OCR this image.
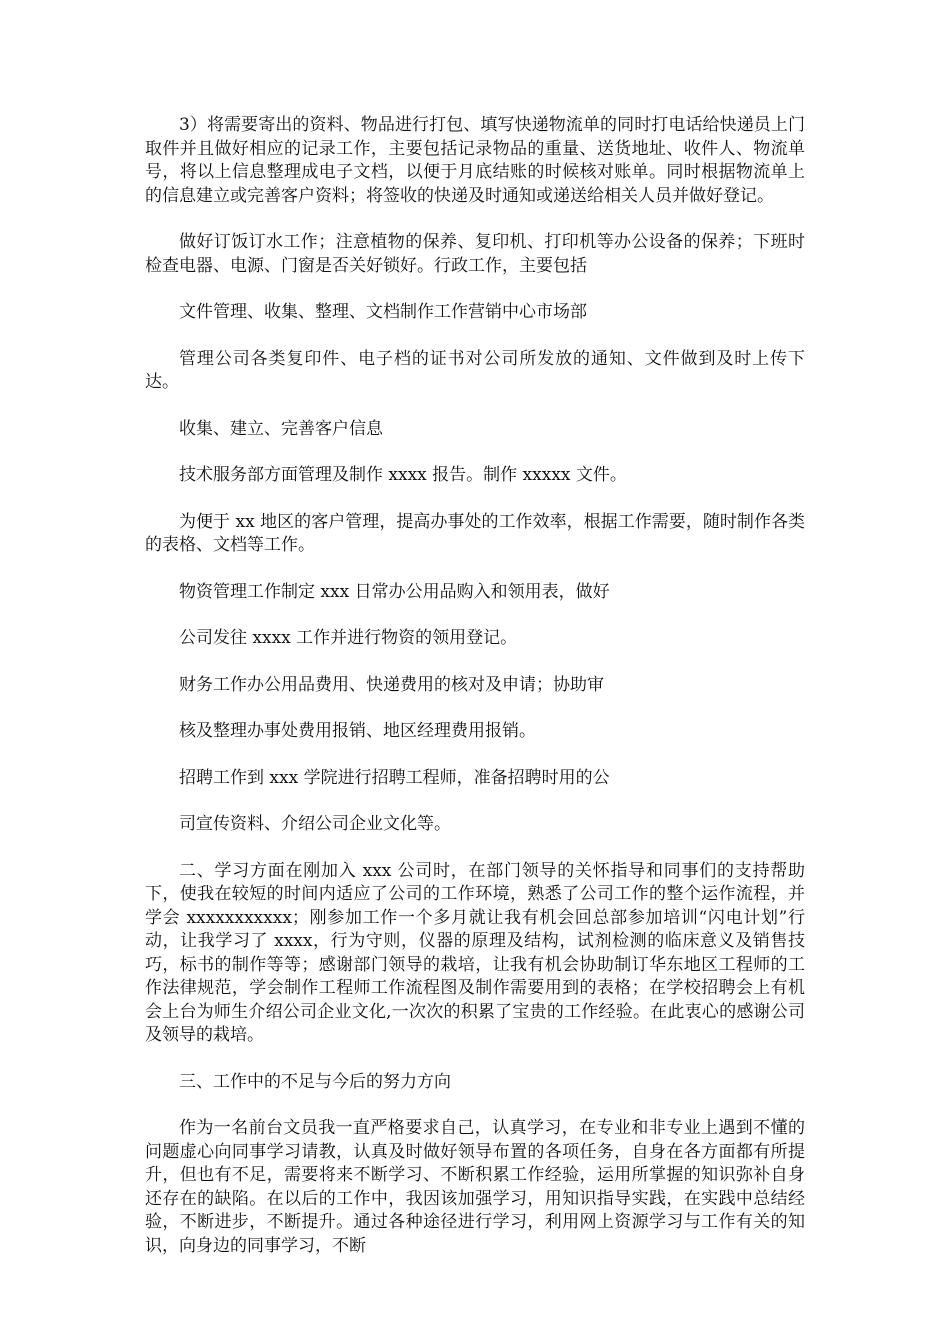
3）将需要寄出的资料、物品进行打包、填写快递物流单的同时打电话给快递员上门取件并且做好相应的记录工作，主要包括记录物品的重量、送货地址、收件人、物流单号，将以上信息整理成电子文档，以便于月底结账的时候核对账单。同时根据物流单上的信息建立或完善客户资料；将签收的快递及时通知或递送给相关人员并做好登记。

做好订饭订水工作；注意植物的保养、复印机、打印机等办公设备的保养；下班时检查电器、电源、门窗是否关好锁好。行政工作，主要包括

文件管理、收集、整理、文档制作工作营销中心市场部

管理公司各类复印件、电子档的证书对公司所发放的通知、文件做到及时上传下达。

收集、建立、完善客户信息

技术服务部方面管理及制作 xxxx 报告。制作 xxxxx 文件。

为便于 xx 地区的客户管理，提高办事处的工作效率，根据工作需要，随时制作各类的表格、文档等工作。

物资管理工作制定 xxx 日常办公用品购入和领用表，做好

公司发往 xxxx 工作并进行物资的领用登记。

财务工作办公用品费用、快递费用的核对及申请；协助审

核及整理办事处费用报销、地区经理费用报销。

招聘工作到 xxx 学院进行招聘工程师，准备招聘时用的公

司宣传资料、介绍公司企业文化等。

二、学习方面在刚加入 xxx 公司时，在部门领导的关怀指导和同事们的支持帮助下，使我在较短的时间内适应了公司的工作环境，熟悉了公司工作的整个运作流程，并学会 xxxxxxxxxxx；刚参加工作一个多月就让我有机会回总部参加培训“闪电计划”行动，让我学习了 xxxx，行为守则，仪器的原理及结构，试剂检测的临床意义及销售技巧，标书的制作等等；感谢部门领导的栽培，让我有机会协助制订华东地区工程师的工作法律规范，学会制作工程师工作流程图及制作需要用到的表格；在学校招聘会上有机会上台为师生介绍公司企业文化,一次次的积累了宝贵的工作经验。在此衷心的感谢公司及领导的栽培。

三、工作中的不足与今后的努力方向

作为一名前台文员我一直严格要求自己，认真学习，在专业和非专业上遇到不懂的问题虚心向同事学习请教，认真及时做好领导布置的各项任务，自身在各方面都有所提升，但也有不足，需要将来不断学习、不断积累工作经验，运用所掌握的知识弥补自身还存在的缺陷。在以后的工作中，我因该加强学习，用知识指导实践，在实践中总结经验，不断进步，不断提升。通过各种途径进行学习，利用网上资源学习与工作有关的知识，向身边的同事学习，不断
